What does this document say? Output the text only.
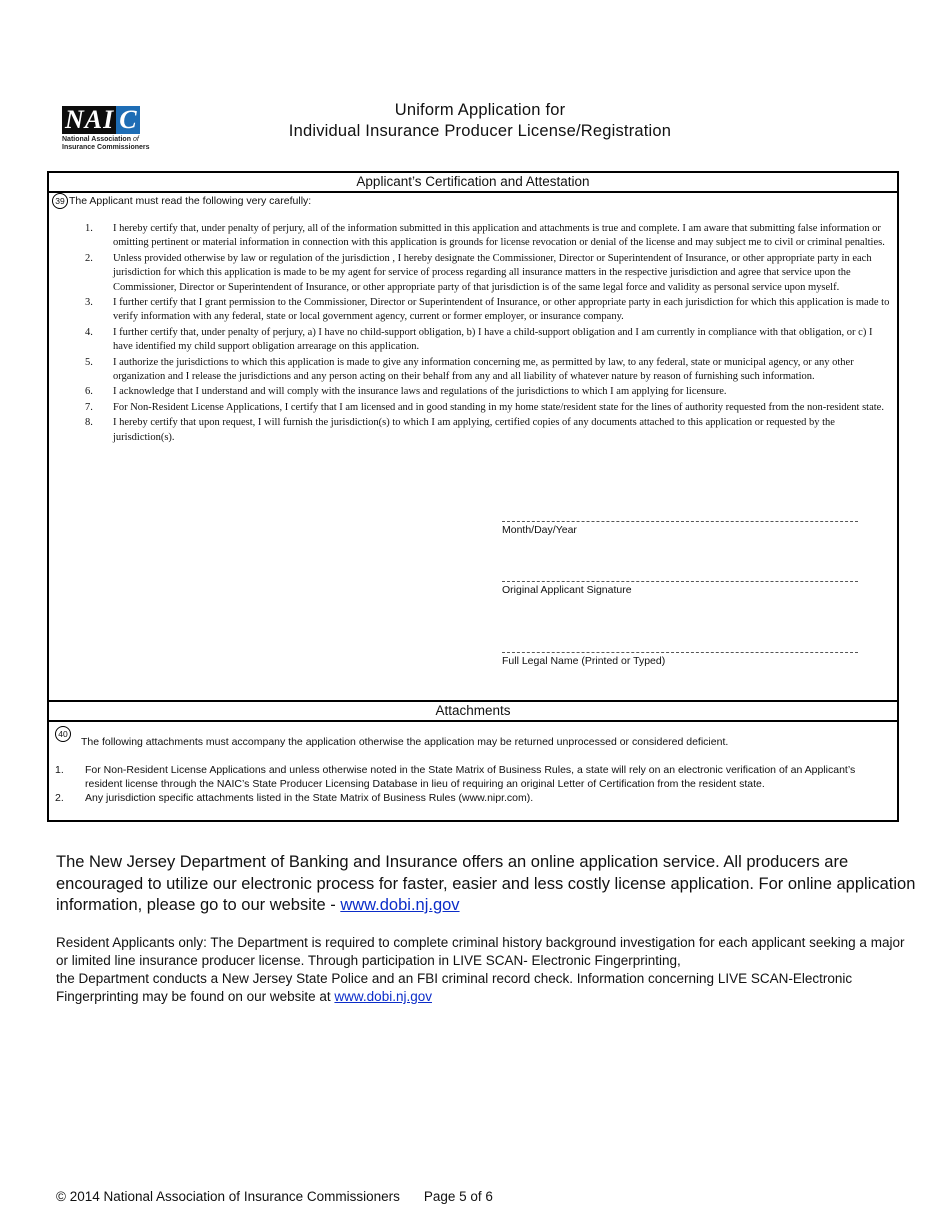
NAI C
National Association of
Insurance Commissioners
Uniform Application for
Individual Insurance Producer License/Registration
Applicant’s Certification and Attestation
39 The Applicant must read the following very carefully:
1. I hereby certify that, under penalty of perjury, all of the information submitted in this application and attachments is true and complete. I am aware that submitting false information or omitting pertinent or material information in connection with this application is grounds for license revocation or denial of the license and may subject me to civil or criminal penalties.
2. Unless provided otherwise by law or regulation of the jurisdiction , I hereby designate the Commissioner, Director or Superintendent of Insurance, or other appropriate party in each jurisdiction for which this application is made to be my agent for service of process regarding all insurance matters in the respective jurisdiction and agree that service upon the Commissioner, Director or Superintendent of Insurance, or other appropriate party of that jurisdiction is of the same legal force and validity as personal service upon myself.
3. I further certify that I grant permission to the Commissioner, Director or Superintendent of Insurance, or other appropriate party in each jurisdiction for which this application is made to verify information with any federal, state or local government agency, current or former employer, or insurance company.
4. I further certify that, under penalty of perjury, a) I have no child-support obligation, b) I have a child-support obligation and I am currently in compliance with that obligation, or c) I have identified my child support obligation arrearage on this application.
5. I authorize the jurisdictions to which this application is made to give any information concerning me, as permitted by law, to any federal, state or municipal agency, or any other organization and I release the jurisdictions and any person acting on their behalf from any and all liability of whatever nature by reason of furnishing such information.
6. I acknowledge that I understand and will comply with the insurance laws and regulations of the jurisdictions to which I am applying for licensure.
7. For Non-Resident License Applications, I certify that I am licensed and in good standing in my home state/resident state for the lines of authority requested from the non-resident state.
8. I hereby certify that upon request, I will furnish the jurisdiction(s) to which I am applying, certified copies of any documents attached to this application or requested by the jurisdiction(s).
Month/Day/Year
Original Applicant Signature
Full Legal Name (Printed or Typed)
Attachments
40
The following attachments must accompany the application otherwise the application may be returned unprocessed or considered deficient.
1. For Non-Resident License Applications and unless otherwise noted in the State Matrix of Business Rules, a state will rely on an electronic verification of an Applicant’s resident license through the NAIC’s State Producer Licensing Database in lieu of requiring an original Letter of Certification from the resident state.
2. Any jurisdiction specific attachments listed in the State Matrix of Business Rules (www.nipr.com).
The New Jersey Department of Banking and Insurance offers an online application service. All producers are encouraged to utilize our electronic process for faster, easier and less costly license application. For online application information, please go to our website - www.dobi.nj.gov
Resident Applicants only: The Department is required to complete criminal history background investigation for each applicant seeking a major or limited line insurance producer license. Through participation in LIVE SCAN- Electronic Fingerprinting,
the Department conducts a New Jersey State Police and an FBI criminal record check. Information concerning LIVE SCAN-Electronic Fingerprinting may be found on our website at www.dobi.nj.gov
© 2014 National Association of Insurance Commissioners Page 5 of 6
